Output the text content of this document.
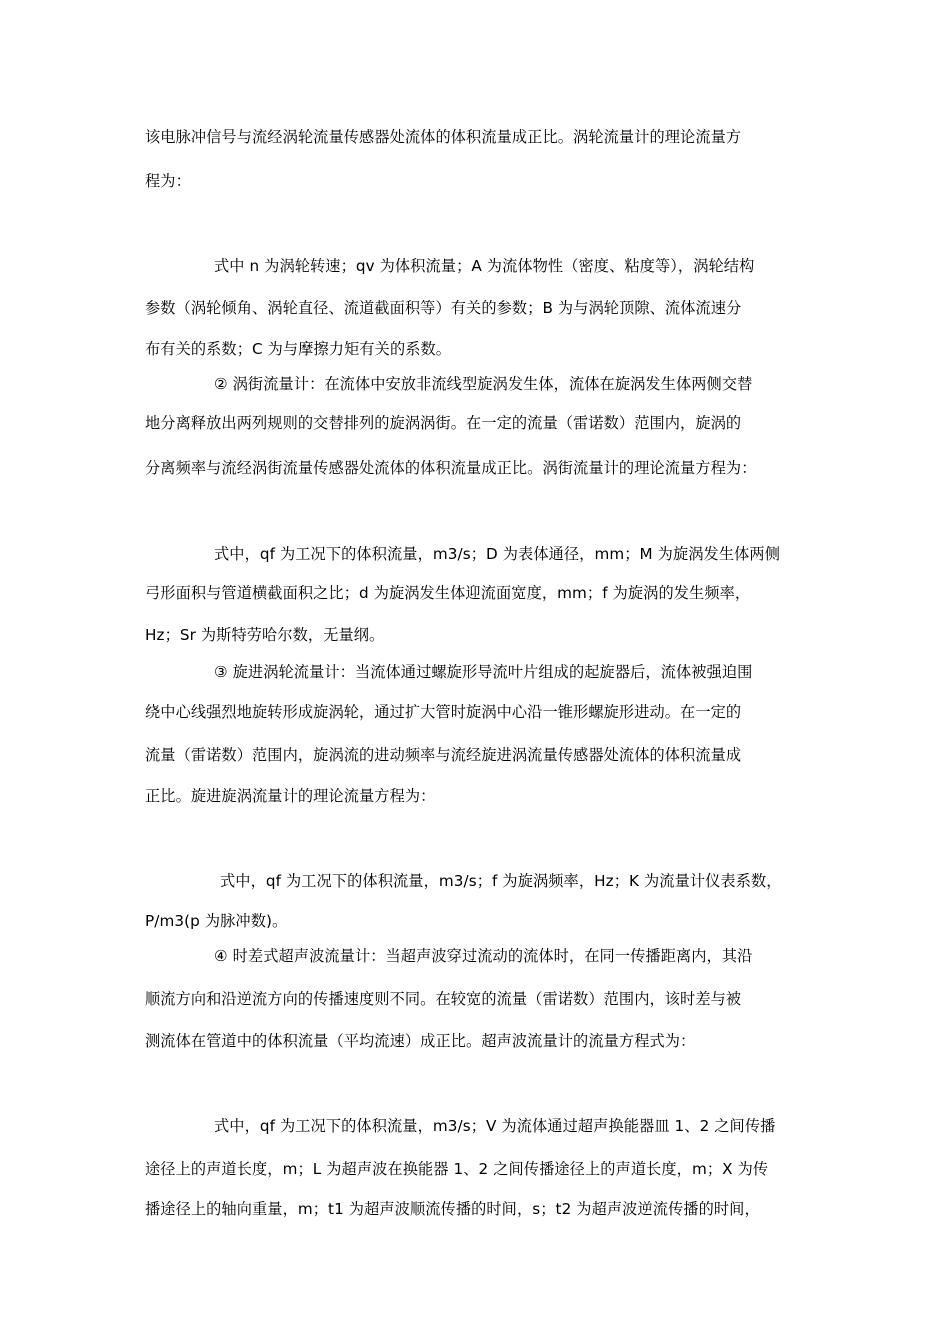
该电脉冲信号与流经涡轮流量传感器处流体的体积流量成正比。涡轮流量计的理论流量方
程为：
式中 n 为涡轮转速；qv 为体积流量；A 为流体物性（密度、粘度等），涡轮结构
参数（涡轮倾角、涡轮直径、流道截面积等）有关的参数；B 为与涡轮顶隙、流体流速分
布有关的系数；C 为与摩擦力矩有关的系数。
② 涡街流量计：在流体中安放非流线型旋涡发生体，流体在旋涡发生体两侧交替
地分离释放出两列规则的交替排列的旋涡涡街。在一定的流量（雷诺数）范围内，旋涡的
分离频率与流经涡街流量传感器处流体的体积流量成正比。涡街流量计的理论流量方程为：
式中，qf 为工况下的体积流量，m3/s；D 为表体通径，mm；M 为旋涡发生体两侧
弓形面积与管道横截面积之比；d 为旋涡发生体迎流面宽度，mm；f 为旋涡的发生频率，
Hz；Sr 为斯特劳哈尔数，无量纲。
③ 旋进涡轮流量计：当流体通过螺旋形导流叶片组成的起旋器后，流体被强迫围
绕中心线强烈地旋转形成旋涡轮，通过扩大管时旋涡中心沿一锥形螺旋形进动。在一定的
流量（雷诺数）范围内，旋涡流的进动频率与流经旋进涡流量传感器处流体的体积流量成
正比。旋进旋涡流量计的理论流量方程为：
式中，qf 为工况下的体积流量，m3/s；f 为旋涡频率，Hz；K 为流量计仪表系数，
P/m3(p 为脉冲数)。
④ 时差式超声波流量计：当超声波穿过流动的流体时，在同一传播距离内，其沿
顺流方向和沿逆流方向的传播速度则不同。在较宽的流量（雷诺数）范围内，该时差与被
测流体在管道中的体积流量（平均流速）成正比。超声波流量计的流量方程式为：
式中，qf 为工况下的体积流量，m3/s；V 为流体通过超声换能器皿 1、2 之间传播
途径上的声道长度，m；L 为超声波在换能器 1、2 之间传播途径上的声道长度，m；X 为传
播途径上的轴向重量，m；t1 为超声波顺流传播的时间，s；t2 为超声波逆流传播的时间，
